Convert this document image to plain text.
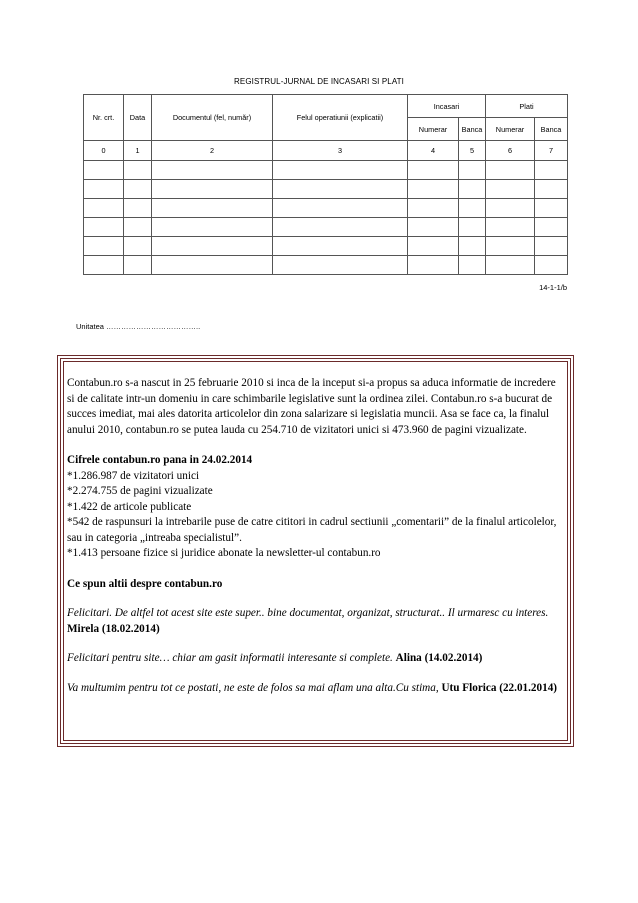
REGISTRUL-JURNAL DE INCASARI SI PLATI
Nr. crt.	Data	Documentul (fel, număr)	Felul operatiunii (explicatii)	Incasari		Plati	
				Numerar	Banca	Numerar	Banca
0	1	2	3	4	5	6	7

14-1-1/b
Unitatea ………………………………..

Contabun.ro s-a nascut in 25 februarie 2010 si inca de la inceput si-a propus sa aduca informatie de incredere si de calitate intr-un domeniu in care schimbarile legislative sunt la ordinea zilei. Contabun.ro s-a bucurat de succes imediat, mai ales datorita articolelor din zona salarizare si legislatia muncii. Asa se face ca, la finalul anului 2010, contabun.ro se putea lauda cu 254.710 de vizitatori unici si 473.960 de pagini vizualizate.

Cifrele contabun.ro pana in 24.02.2014

*1.286.987 de vizitatori unici

*2.274.755 de pagini vizualizate

*1.422 de articole publicate

*542 de raspunsuri la intrebarile puse de catre cititori in cadrul sectiunii „comentarii” de la finalul articolelor, sau in categoria „intreaba specialistul”.

*1.413 persoane fizice si juridice abonate la newsletter-ul contabun.ro

Ce spun altii despre contabun.ro

Felicitari. De altfel tot acest site este super.. bine documentat, organizat, structurat.. Il urmaresc cu interes. Mirela (18.02.2014)

Felicitari pentru site… chiar am gasit informatii interesante si complete. Alina (14.02.2014)

Va multumim pentru tot ce postati, ne este de folos sa mai aflam una alta.Cu stima, Utu Florica (22.01.2014)
